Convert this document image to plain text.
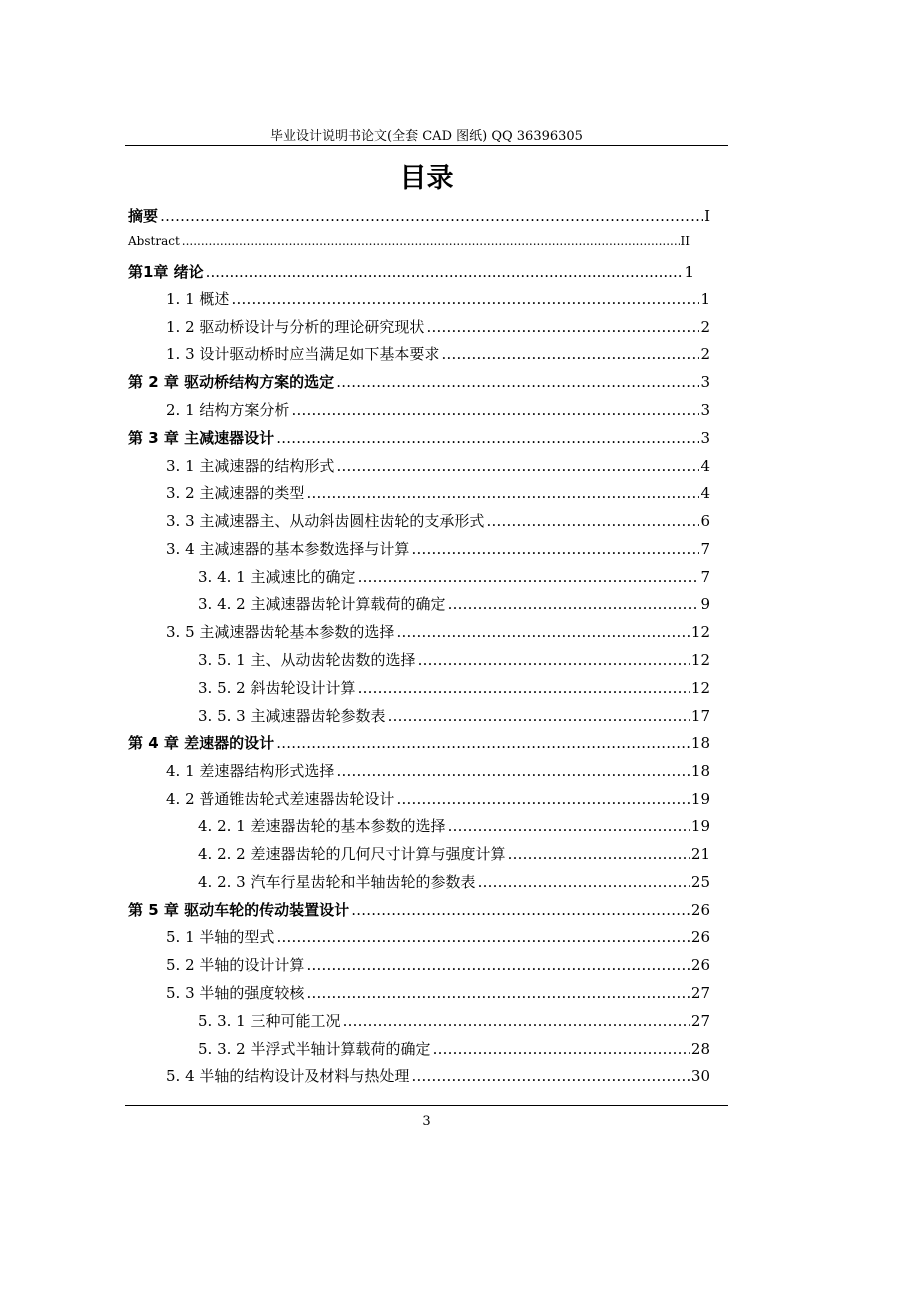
毕业设计说明书论文(全套 CAD 图纸) QQ 36396305
目录
摘要 …………………………………………………………………………………………………………………………………………………………………………………………………………	I
Abstract .....	II
第1章 绪论 .....	1
1. 1 概述 …………………………………………………………………………………………………………………………………………………………………………………………………………	1
1. 2 驱动桥设计与分析的理论研究现状 …………………………………………………………………………………………………………………………………………………………………………………………………………	2
1. 3 设计驱动桥时应当满足如下基本要求 …………………………………………………………………………………………………………………………………………………………………………………………………………	2
第 2 章 驱动桥结构方案的选定 …………………………………………………………………………………………………………………………………………………………………………………………………………	3
2. 1 结构方案分析 …………………………………………………………………………………………………………………………………………………………………………………………………………	3
第 3 章 主减速器设计 …………………………………………………………………………………………………………………………………………………………………………………………………………	3
3. 1 主减速器的结构形式 …………………………………………………………………………………………………………………………………………………………………………………………………………	4
3. 2 主减速器的类型 …………………………………………………………………………………………………………………………………………………………………………………………………………	4
3. 3 主减速器主、从动斜齿圆柱齿轮的支承形式 …………………………………………………………………………………………………………………………………………………………………………………………………………	6
3. 4 主减速器的基本参数选择与计算 …………………………………………………………………………………………………………………………………………………………………………………………………………	7
3. 4. 1 主减速比的确定 …………………………………………………………………………………………………………………………………………………………………………………………………………	7
3. 4. 2 主减速器齿轮计算载荷的确定 …………………………………………………………………………………………………………………………………………………………………………………………………………	9
3. 5 主减速器齿轮基本参数的选择 …………………………………………………………………………………………………………………………………………………………………………………………………………	12
3. 5. 1 主、从动齿轮齿数的选择 …………………………………………………………………………………………………………………………………………………………………………………………………………	12
3. 5. 2 斜齿轮设计计算 …………………………………………………………………………………………………………………………………………………………………………………………………………	12
3. 5. 3 主减速器齿轮参数表 …………………………………………………………………………………………………………………………………………………………………………………………………………	17
第 4 章 差速器的设计 …………………………………………………………………………………………………………………………………………………………………………………………………………	18
4. 1 差速器结构形式选择 …………………………………………………………………………………………………………………………………………………………………………………………………………	18
4. 2 普通锥齿轮式差速器齿轮设计 …………………………………………………………………………………………………………………………………………………………………………………………………………	19
4. 2. 1 差速器齿轮的基本参数的选择 …………………………………………………………………………………………………………………………………………………………………………………………………………	19
4. 2. 2 差速器齿轮的几何尺寸计算与强度计算 …………………………………………………………………………………………………………………………………………………………………………………………………………	21
4. 2. 3 汽车行星齿轮和半轴齿轮的参数表 …………………………………………………………………………………………………………………………………………………………………………………………………………	25
第 5 章 驱动车轮的传动装置设计 …………………………………………………………………………………………………………………………………………………………………………………………………………	26
5. 1 半轴的型式 …………………………………………………………………………………………………………………………………………………………………………………………………………	26
5. 2 半轴的设计计算 …………………………………………………………………………………………………………………………………………………………………………………………………………	26
5. 3 半轴的强度较核 …………………………………………………………………………………………………………………………………………………………………………………………………………	27
5. 3. 1 三种可能工况 …………………………………………………………………………………………………………………………………………………………………………………………………………	27
5. 3. 2 半浮式半轴计算载荷的确定 …………………………………………………………………………………………………………………………………………………………………………………………………………	28
5. 4 半轴的结构设计及材料与热处理 …………………………………………………………………………………………………………………………………………………………………………………………………………	30
3
